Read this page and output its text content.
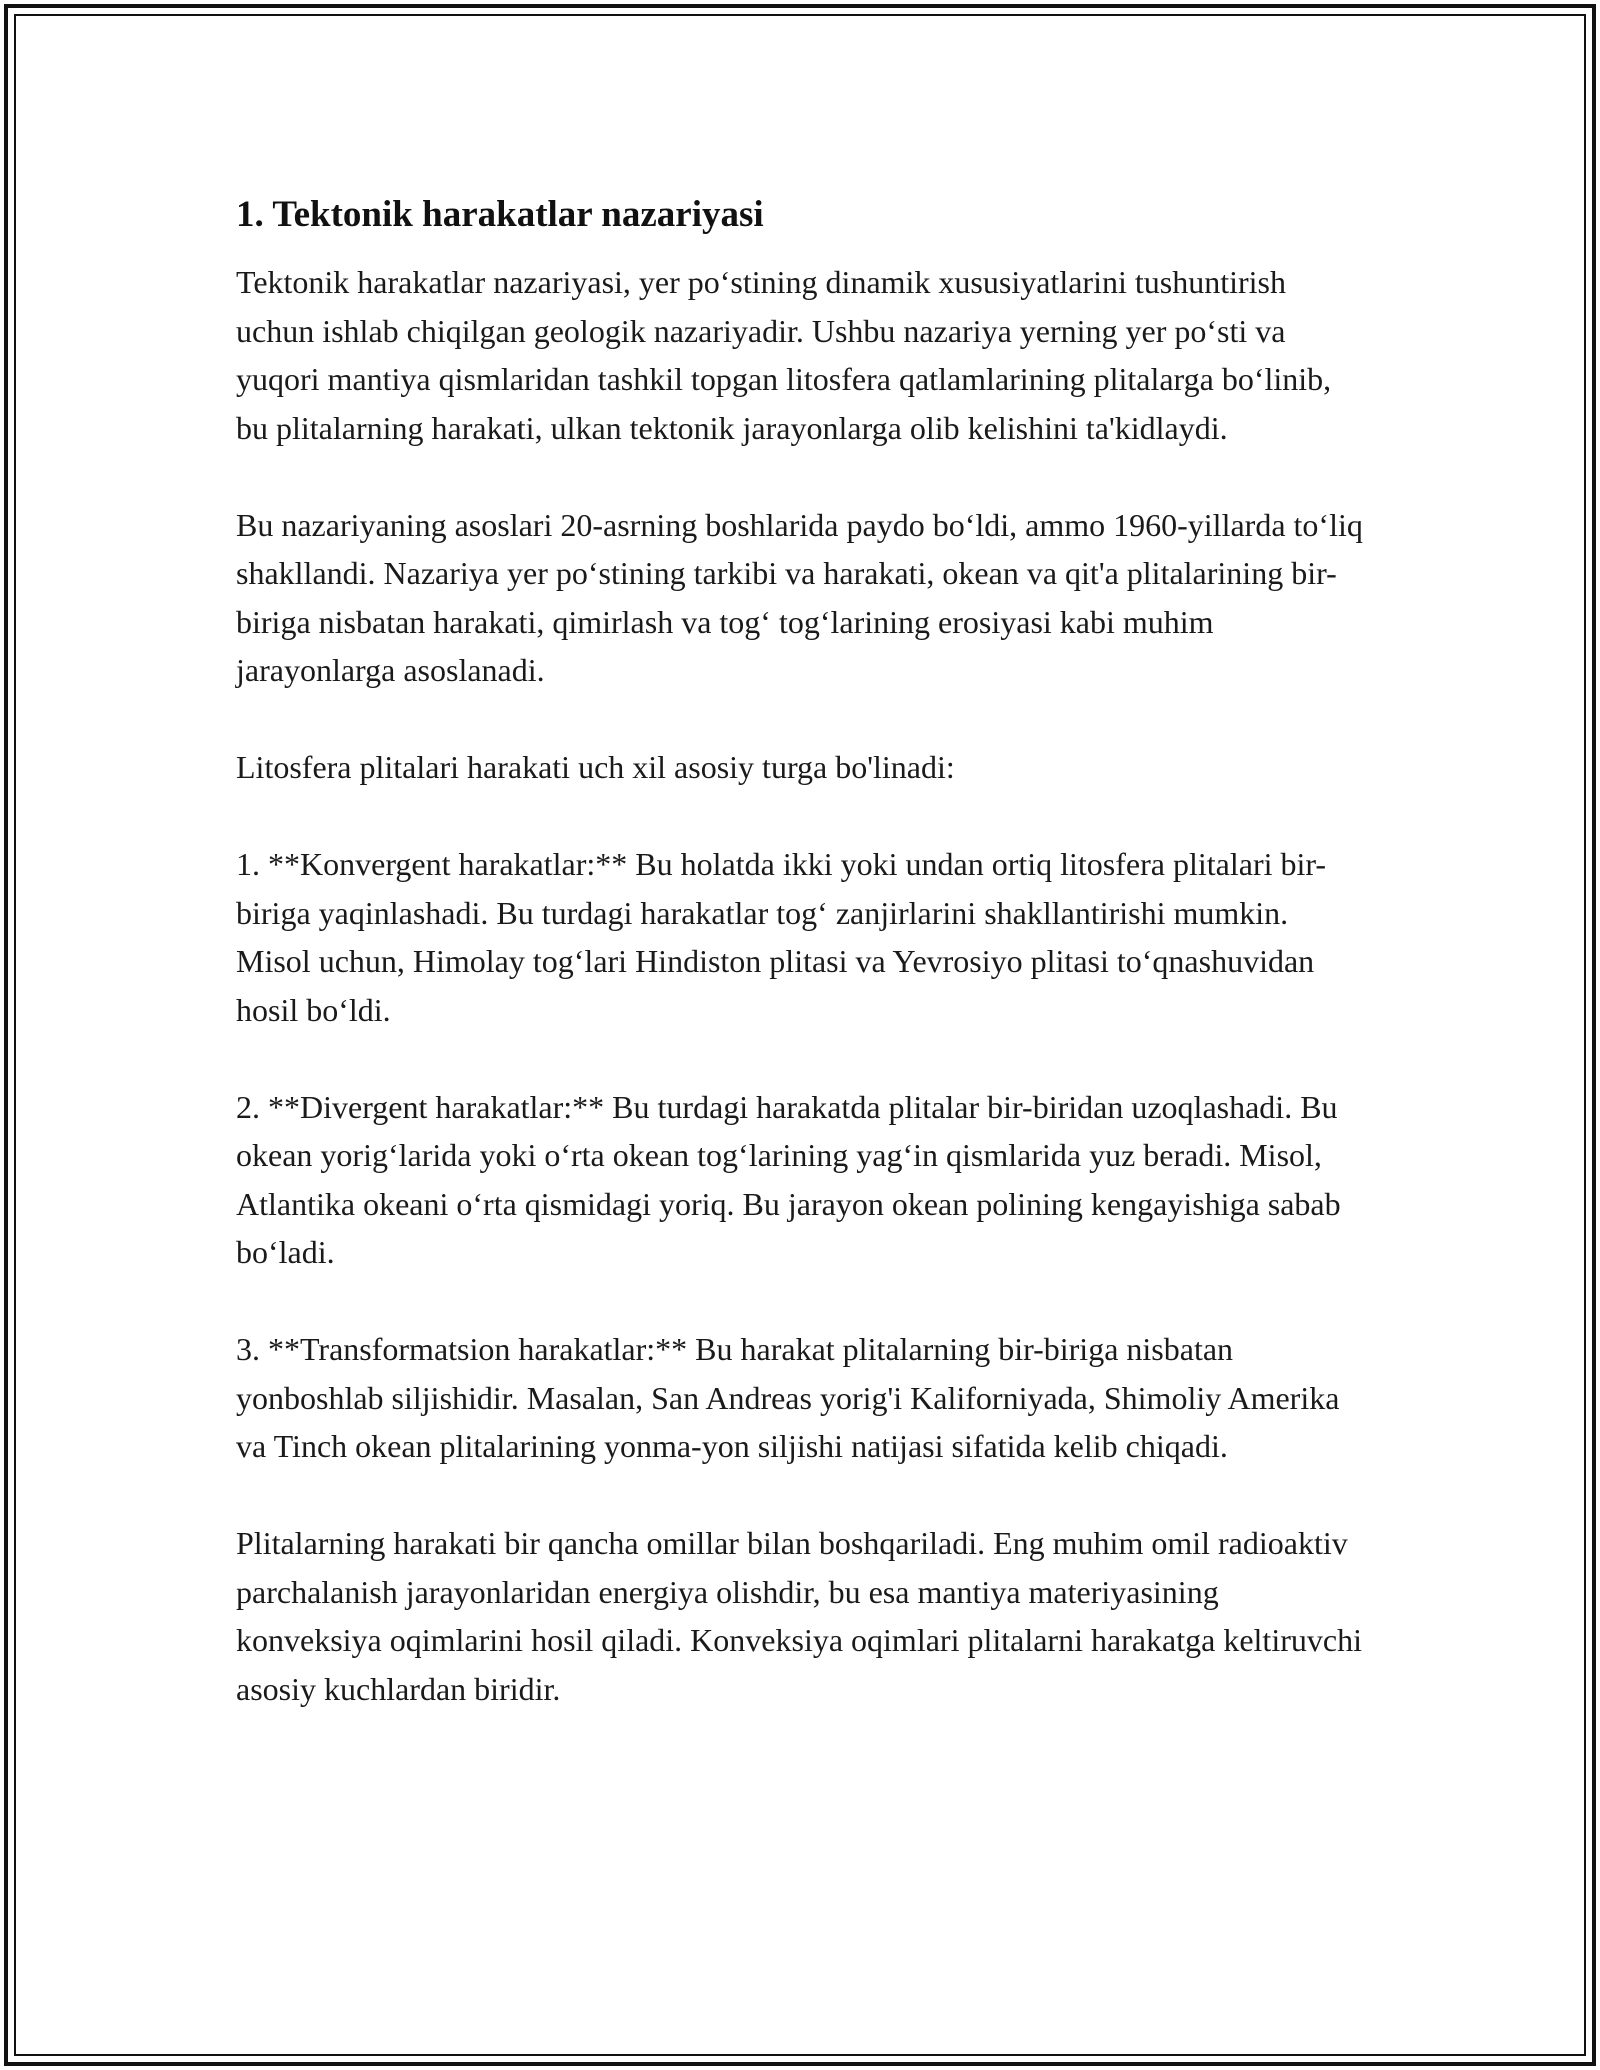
1. Tektonik harakatlar nazariyasi

Tektonik harakatlar nazariyasi, yer po‘stining dinamik xususiyatlarini tushuntirish uchun ishlab chiqilgan geologik nazariyadir. Ushbu nazariya yerning yer po‘sti va yuqori mantiya qismlaridan tashkil topgan litosfera qatlamlarining plitalarga bo‘linib, bu plitalarning harakati, ulkan tektonik jarayonlarga olib kelishini ta'kidlaydi.

Bu nazariyaning asoslari 20-asrning boshlarida paydo bo‘ldi, ammo 1960-yillarda to‘liq shakllandi. Nazariya yer po‘stining tarkibi va harakati, okean va qit'a plitalarining bir-biriga nisbatan harakati, qimirlash va tog‘ tog‘larining erosiyasi kabi muhim jarayonlarga asoslanadi.

Litosfera plitalari harakati uch xil asosiy turga bo'linadi:

1. **Konvergent harakatlar:** Bu holatda ikki yoki undan ortiq litosfera plitalari bir-biriga yaqinlashadi. Bu turdagi harakatlar tog‘ zanjirlarini shakllantirishi mumkin. Misol uchun, Himolay tog‘lari Hindiston plitasi va Yevrosiyo plitasi to‘qnashuvidan hosil bo‘ldi.

2. **Divergent harakatlar:** Bu turdagi harakatda plitalar bir-biridan uzoqlashadi. Bu okean yorig‘larida yoki o‘rta okean tog‘larining yag‘in qismlarida yuz beradi. Misol, Atlantika okeani o‘rta qismidagi yoriq. Bu jarayon okean polining kengayishiga sabab bo‘ladi.

3. **Transformatsion harakatlar:** Bu harakat plitalarning bir-biriga nisbatan yonboshlab siljishidir. Masalan, San Andreas yorig'i Kaliforniyada, Shimoliy Amerika va Tinch okean plitalarining yonma-yon siljishi natijasi sifatida kelib chiqadi.

Plitalarning harakati bir qancha omillar bilan boshqariladi. Eng muhim omil radioaktiv parchalanish jarayonlaridan energiya olishdir, bu esa mantiya materiyasining konveksiya oqimlarini hosil qiladi. Konveksiya oqimlari plitalarni harakatga keltiruvchi asosiy kuchlardan biridir.
